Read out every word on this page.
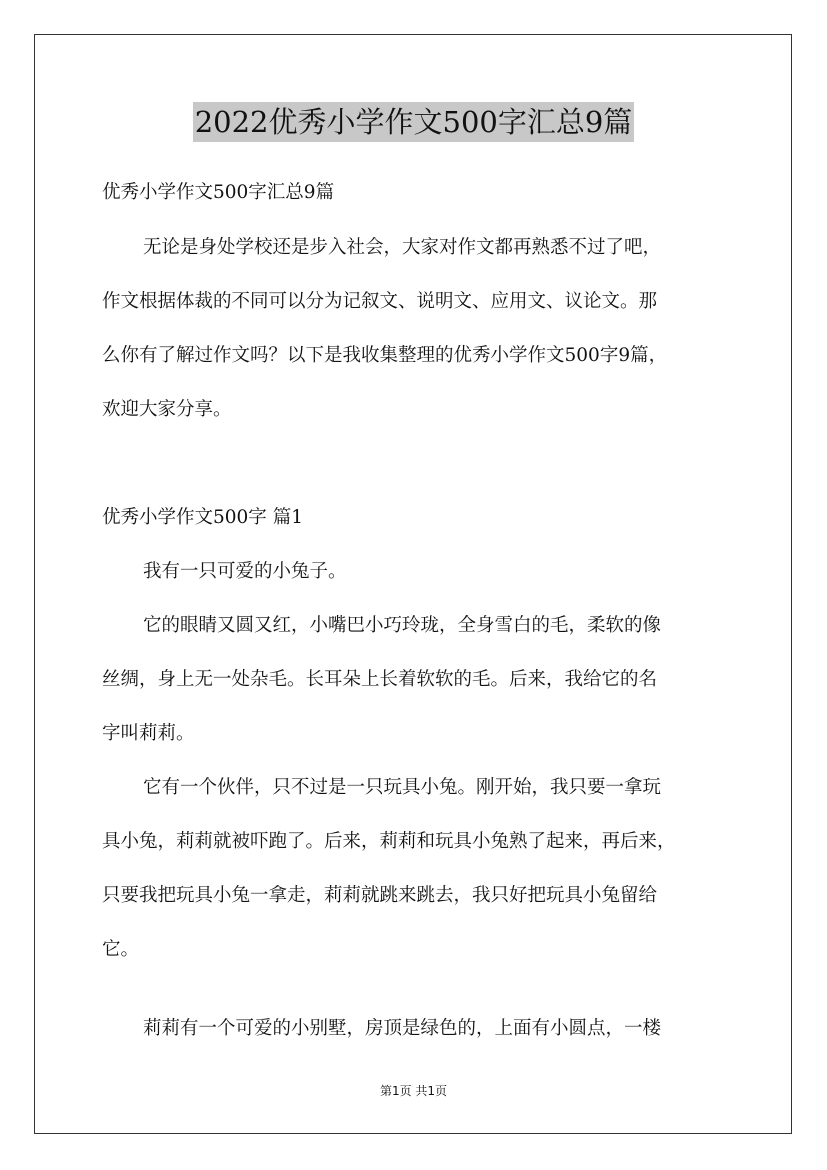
2022优秀小学作文500字汇总9篇
优秀小学作文500字汇总9篇
无论是身处学校还是步入社会，大家对作文都再熟悉不过了吧，
作文根据体裁的不同可以分为记叙文、说明文、应用文、议论文。那
么你有了解过作文吗？以下是我收集整理的优秀小学作文500字9篇，
欢迎大家分享。
优秀小学作文500字 篇1
我有一只可爱的小兔子。
它的眼睛又圆又红，小嘴巴小巧玲珑，全身雪白的毛，柔软的像
丝绸，身上无一处杂毛。长耳朵上长着软软的毛。后来，我给它的名
字叫莉莉。
它有一个伙伴，只不过是一只玩具小兔。刚开始，我只要一拿玩
具小兔，莉莉就被吓跑了。后来，莉莉和玩具小兔熟了起来，再后来，
只要我把玩具小兔一拿走，莉莉就跳来跳去，我只好把玩具小兔留给
它。
莉莉有一个可爱的小别墅，房顶是绿色的，上面有小圆点，一楼
第1页 共1页
